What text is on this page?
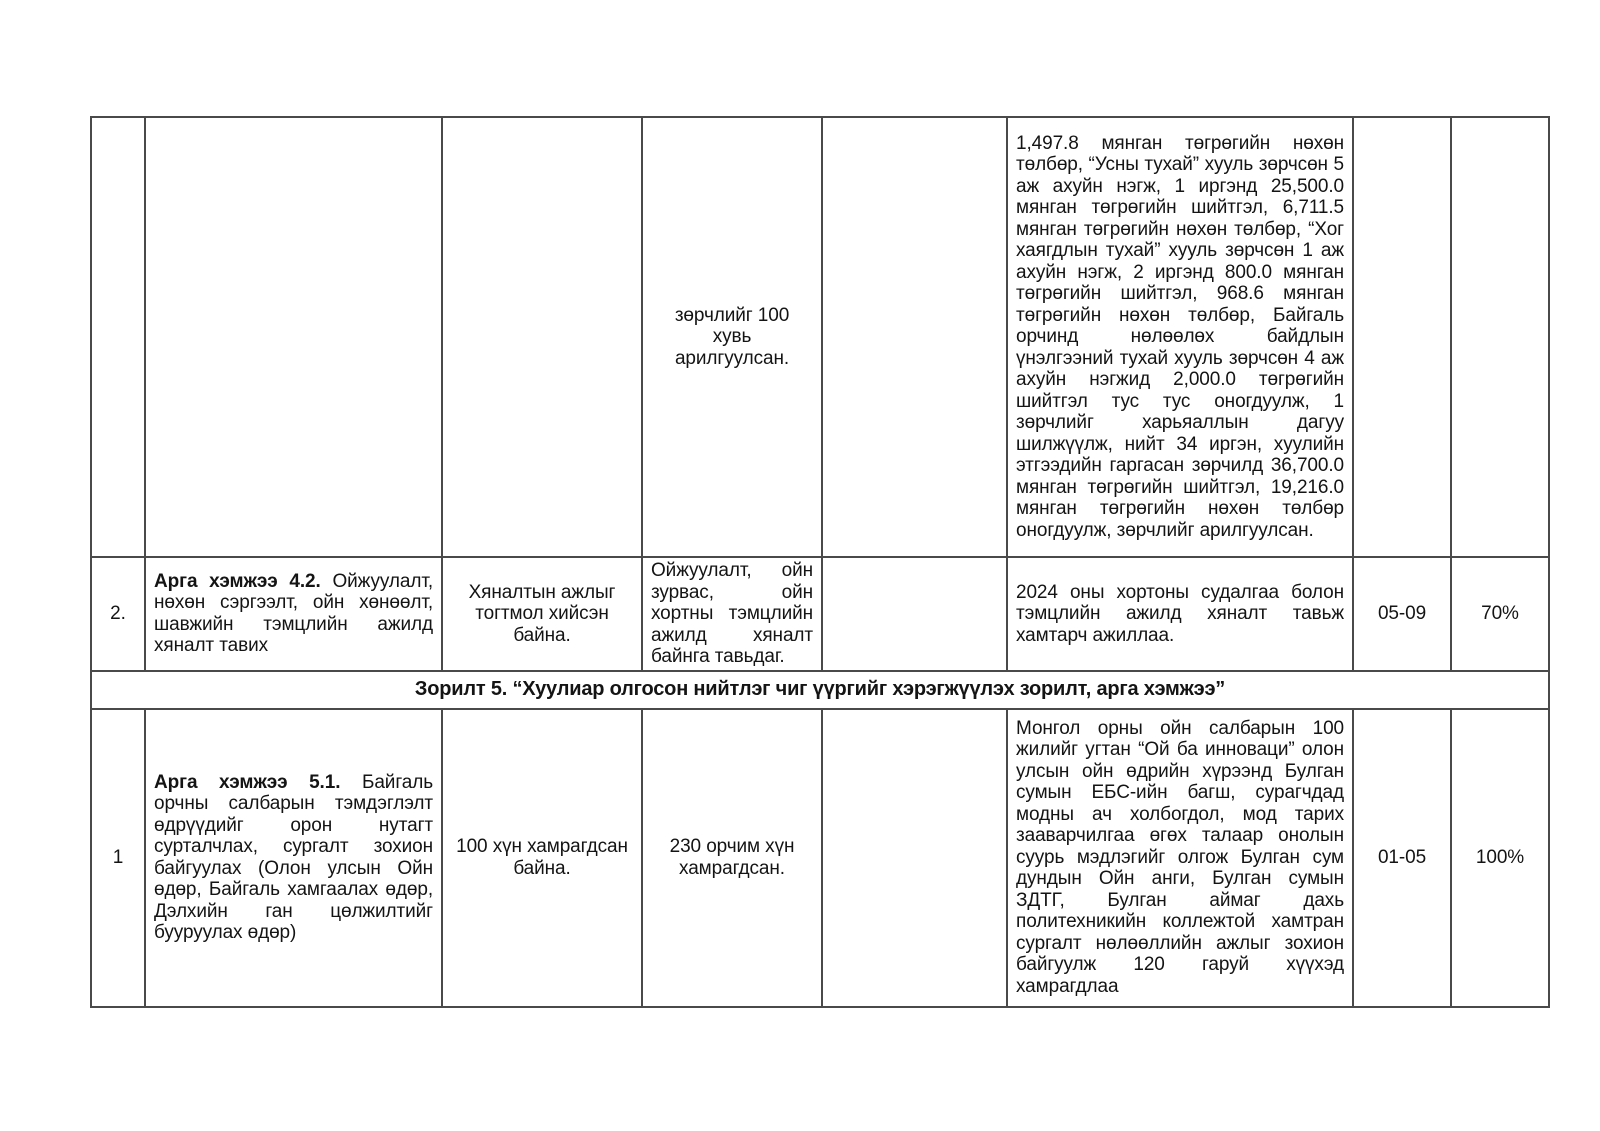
			зөрчлийг 100 хувь арилгуулсан.		1,497.8 мянган төгрөгийн нөхөн төлбөр, “Усны тухай” хууль зөрчсөн 5 аж ахуйн нэгж, 1 иргэнд 25,500.0 мянган төгрөгийн шийтгэл, 6,711.5 мянган төгрөгийн нөхөн төлбөр, “Хог хаягдлын тухай” хууль зөрчсөн 1 аж ахуйн нэгж, 2 иргэнд 800.0 мянган төгрөгийн шийтгэл, 968.6 мянган төгрөгийн нөхөн төлбөр, Байгаль орчинд нөлөөлөх байдлын үнэлгээний тухай хууль зөрчсөн 4 аж ахуйн нэгжид 2,000.0 төгрөгийн шийтгэл тус тус оногдуулж, 1 зөрчлийг харьяаллын дагуу шилжүүлж, нийт 34 иргэн, хуулийн этгээдийн гаргасан зөрчилд 36,700.0 мянган төгрөгийн шийтгэл, 19,216.0 мянган төгрөгийн нөхөн төлбөр оногдуулж, зөрчлийг арилгуулсан.		
2.	Арга хэмжээ 4.2. Ойжуулалт, нөхөн сэргээлт, ойн хөнөөлт, шавжийн тэмцлийн ажилд хяналт тавих	Хяналтын ажлыг тогтмол хийсэн байна.	Ойжуулалт, ойн зурвас, ойн хортны тэмцлийн ажилд хяналт байнга тавьдаг.		2024 оны хортоны судалгаа болон тэмцлийн ажилд хяналт тавьж хамтарч ажиллаа.	05-09	70%
Зорилт 5. “Хуулиар олгосон нийтлэг чиг үүргийг хэрэгжүүлэх зорилт, арга хэмжээ”							
1	Арга хэмжээ 5.1. Байгаль орчны салбарын тэмдэглэлт өдрүүдийг орон нутагт сурталчлах, сургалт зохион байгуулах (Олон улсын Ойн өдөр, Байгаль хамгаалах өдөр, Дэлхийн ган цөлжилтийг бууруулах өдөр)	100 хүн хамрагдсан байна.	230 орчим хүн хамрагдсан.		Монгол орны ойн салбарын 100 жилийг угтан “Ой ба инноваци” олон улсын ойн өдрийн хүрээнд Булган сумын ЕБС-ийн багш, сурагчдад модны ач холбогдол, мод тарих зааварчилгаа өгөх талаар онолын суурь мэдлэгийг олгож Булган сум дундын Ойн анги, Булган сумын ЗДТГ, Булган аймаг дахь политехникийн коллежтой хамтран сургалт нөлөөллийн ажлыг зохион байгуулж 120 гаруй хүүхэд хамрагдлаа	01-05	100%
